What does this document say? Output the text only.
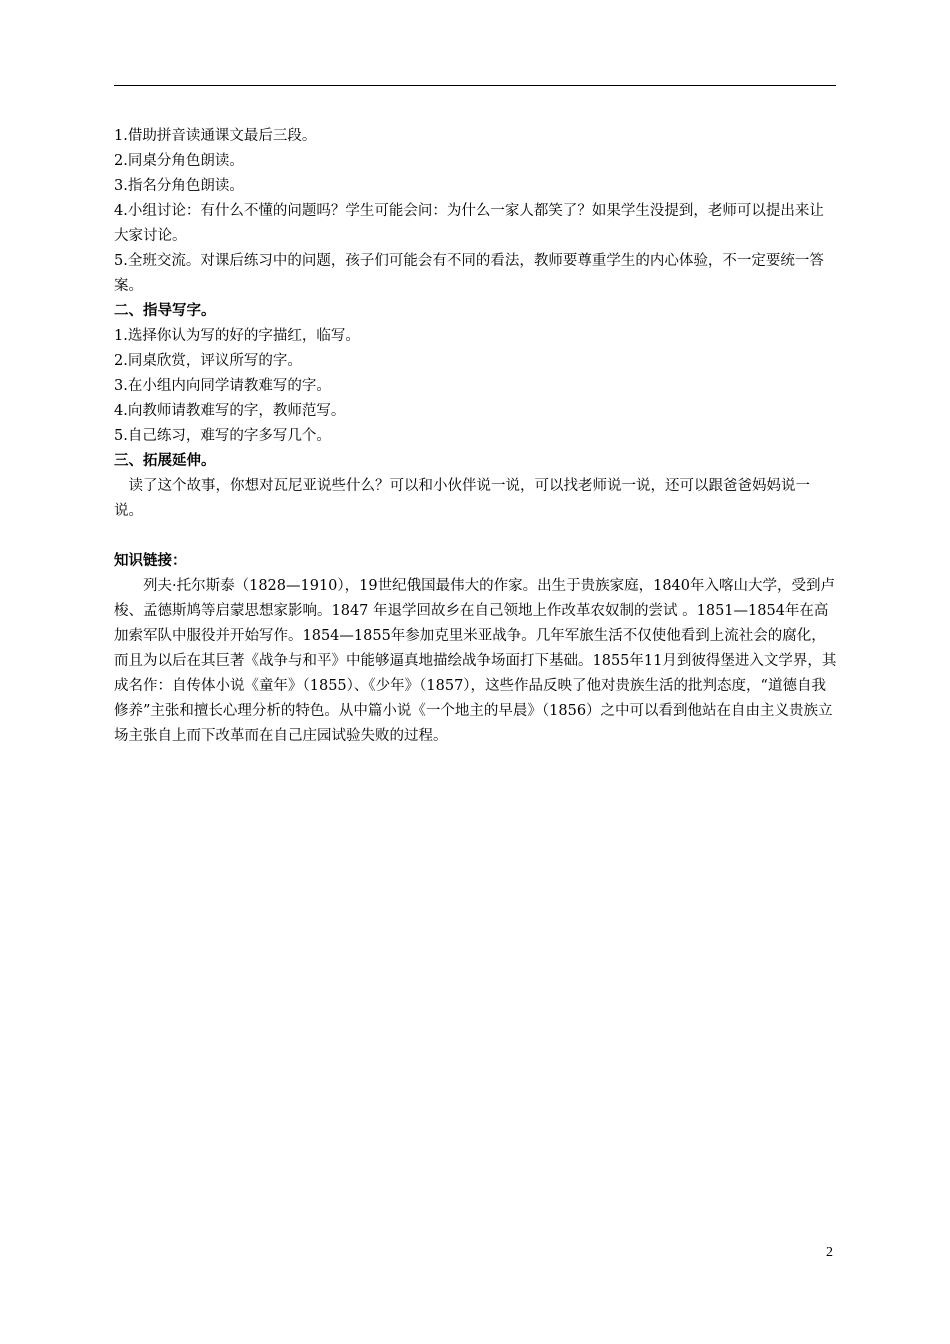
1.借助拼音读通课文最后三段。

2.同桌分角色朗读。

3.指名分角色朗读。

4.小组讨论：有什么不懂的问题吗？学生可能会问：为什么一家人都笑了？如果学生没提到，老师可以提出来让大家讨论。

5.全班交流。对课后练习中的问题，孩子们可能会有不同的看法，教师要尊重学生的内心体验，不一定要统一答案。

二、指导写字。

1.选择你认为写的好的字描红，临写。

2.同桌欣赏，评议所写的字。

3.在小组内向同学请教难写的字。

4.向教师请教难写的字，教师范写。

5.自己练习，难写的字多写几个。

三、拓展延伸。

读了这个故事，你想对瓦尼亚说些什么？可以和小伙伴说一说，可以找老师说一说，还可以跟爸爸妈妈说一说。

知识链接：

列夫·托尔斯泰（1828—1910），19世纪俄国最伟大的作家。出生于贵族家庭，1840年入喀山大学，受到卢梭、孟德斯鸠等启蒙思想家影响。1847 年退学回故乡在自己领地上作改革农奴制的尝试 。1851—1854年在高加索军队中服役并开始写作。1854—1855年参加克里米亚战争。几年军旅生活不仅使他看到上流社会的腐化，而且为以后在其巨著《战争与和平》中能够逼真地描绘战争场面打下基础。1855年11月到彼得堡进入文学界，其成名作：自传体小说《童年》（1855）、《少年》（1857），这些作品反映了他对贵族生活的批判态度，“道德自我修养”主张和擅长心理分析的特色。从中篇小说《一个地主的早晨》（1856）之中可以看到他站在自由主义贵族立场主张自上而下改革而在自己庄园试验失败的过程。

2
